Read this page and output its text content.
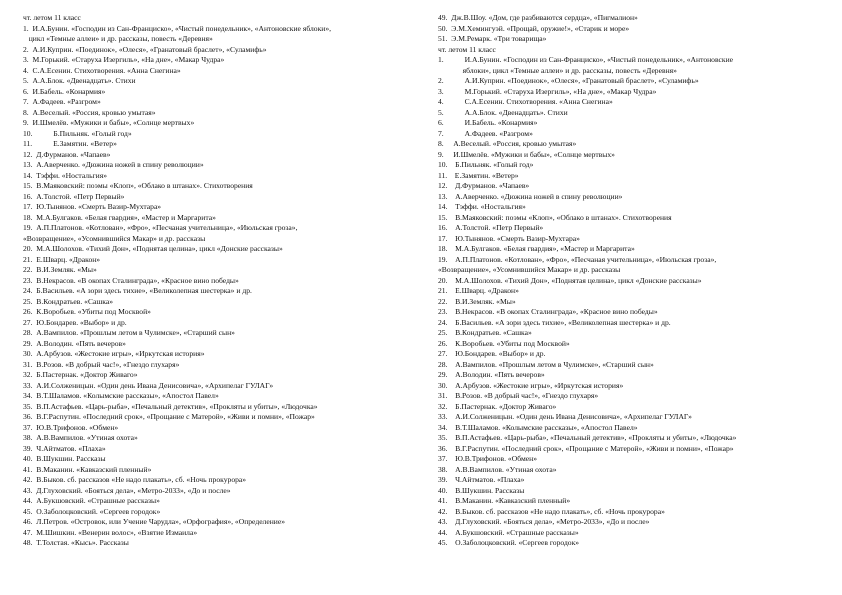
чт. летом 11 класс
1.  И.А.Бунин. «Господин из Сан-Франциско», «Чистый понедельник», «Антоновские яблоки»,
цикл «Темные аллеи» и др. рассказы, повесть «Деревня»
2.  А.И.Куприн. «Поединок», «Олеся», «Гранатовый браслет», «Суламифь»
3.  М.Горький. «Старуха Изергиль», «На дне», «Макар Чудра»
4.  С.А.Есенин. Стихотворения. «Анна Снегина»
5.  А.А.Блок. «Двенадцать». Стихи
6.  И.Бабель. «Конармия»
7.  А.Фадеев. «Разгром»
8.  А.Веселый. «Россия, кровью умытая»
9.  И.Шмелёв. «Мужики и бабы», «Солнце мертвых»
10.           Б.Пильняк. «Голый год»
11.           Е.Замятин. «Ветер»
12.  Д.Фурманов. «Чапаев»
13.  А.Аверченко. «Дюжина ножей в спину революции»
14.  Тэффи. «Ностальгия»
15.  В.Маяковский: поэмы «Клоп», «Облако в штанах». Стихотворения
16.  А.Толстой. «Петр Первый»
17.  Ю.Тынянов. «Смерть Вазир-Мухтара»
18.  М.А.Булгаков. «Белая гвардия», «Мастер и Маргарита»
19.  А.П.Платонов. «Котлован», «Фро», «Песчаная учительница», «Июльская гроза»,
«Возвращение», «Усомнившийся Макар» и др. рассказы
20.  М.А.Шолохов. «Тихий Дон», «Поднятая целина», цикл «Донские рассказы»
21.  Е.Шварц. «Дракон»
22.  В.И.Земляк. «Мы»
23.  В.Некрасов. «В окопах Сталинграда», «Красное вино победы»
24.  Б.Васильев. «А зори здесь тихие», «Великолепная шестерка» и др.
25.  В.Кондратьев. «Сашка»
26.  К.Воробьев. «Убиты под Москвой»
27.  Ю.Бондарев. «Выбор» и др.
28.  А.Вампилов. «Прошлым летом в Чулимске», «Старший сын»
29.  А.Володин. «Пять вечеров»
30.  А.Арбузов. «Жестокие игры», «Иркутская история»
31.  В.Розов. «В добрый час!», «Гнездо глухаря»
32.  Б.Пастернак. «Доктор Живаго»
33.  А.И.Солженицын. «Один день Ивана Денисовича», «Архипелаг ГУЛАГ»
34.  В.Т.Шаламов. «Колымские рассказы», «Апостол Павел»
35.  В.П.Астафьев. «Царь-рыба», «Печальный детектив», «Прокляты и убиты», «Людочка»
36.  В.Г.Распутин. «Последний срок», «Прощание с Матерой», «Живи и помни», «Пожар»
37.  Ю.В.Трифонов. «Обмен»
38.  А.В.Вампилов. «Утиная охота»
39.  Ч.Айтматов. «Плаха»
40.  В.Шукшин. Рассказы
41.  В.Маканин. «Кавказский пленный»
42.  В.Быков. сб. рассказов «Не надо плакать», сб. «Ночь прокурора»
43.  Д.Глуховский. «Бояться дела», «Метро-2033», «До и после»
44.  А.Букшовский. «Страшные рассказы»
45.  О.Заболоцковский. «Сергеев городок»
46.  Л.Петров. «Островок, или Учение Чарудла», «Орфография», «Определение»
47.  М.Шишкин. «Венерин волос», «Взятие Измаила»
48.  Т.Толстая. «Кысь». Рассказы
49.  Дж.В.Шоу. «Дом, где разбиваются сердца», «Пигмалион»
50.  Э.М.Хемингуэй. «Прощай, оружие!», «Старик и море»
51.  Э.М.Ремарк. «Три товарища»
чт. летом 11 класс
1.           И.А.Бунин. «Господин из Сан-Франциско», «Чистый понедельник», «Антоновские
яблоки», цикл «Темные аллеи» и др. рассказы, повесть «Деревня»
2.           А.И.Куприн. «Поединок», «Олеся», «Гранатовый браслет», «Суламифь»
3.           М.Горький. «Старуха Изергиль», «На дне», «Макар Чудра»
4.           С.А.Есенин. Стихотворения. «Анна Снегина»
5.           А.А.Блок. «Двенадцать». Стихи
6.           И.Бабель. «Конармия»
7.           А.Фадеев. «Разгром»
8.     А.Веселый. «Россия, кровью умытая»
9.     И.Шмелёв. «Мужики и бабы», «Солнце мертвых»
10.    Б.Пильняк. «Голый год»
11.    Е.Замятин. «Ветер»
12.    Д.Фурманов. «Чапаев»
13.    А.Аверченко. «Дюжина ножей в спину революции»
14.    Тэффи. «Ностальгия»
15.    В.Маяковский: поэмы «Клоп», «Облако в штанах». Стихотворения
16.    А.Толстой. «Петр Первый»
17.    Ю.Тынянов. «Смерть Вазир-Мухтара»
18.    М.А.Булгаков. «Белая гвардия», «Мастер и Маргарита»
19.    А.П.Платонов. «Котлован», «Фро», «Песчаная учительница», «Июльская гроза»,
«Возвращение», «Усомнившийся Макар» и др. рассказы
20.    М.А.Шолохов. «Тихий Дон», «Поднятая целина», цикл «Донские рассказы»
21.    Е.Шварц. «Дракон»
22.    В.И.Земляк. «Мы»
23.    В.Некрасов. «В окопах Сталинграда», «Красное вино победы»
24.    Б.Васильев. «А зори здесь тихие», «Великолепная шестерка» и др.
25.    В.Кондратьев. «Сашка»
26.    К.Воробьев. «Убиты под Москвой»
27.    Ю.Бондарев. «Выбор» и др.
28.    А.Вампилов. «Прошлым летом в Чулимске», «Старший сын»
29.    А.Володин. «Пять вечеров»
30.    А.Арбузов. «Жестокие игры», «Иркутская история»
31.    В.Розов. «В добрый час!», «Гнездо глухаря»
32.    Б.Пастернак. «Доктор Живаго»
33.    А.И.Солженицын. «Один день Ивана Денисовича», «Архипелаг ГУЛАГ»
34.    В.Т.Шаламов. «Колымские рассказы», «Апостол Павел»
35.    В.П.Астафьев. «Царь-рыба», «Печальный детектив», «Прокляты и убиты», «Людочка»
36.    В.Г.Распутин. «Последний срок», «Прощание с Матерой», «Живи и помни», «Пожар»
37.    Ю.В.Трифонов. «Обмен»
38.    А.В.Вампилов. «Утиная охота»
39.    Ч.Айтматов. «Плаха»
40.    В.Шукшин. Рассказы
41.    В.Маканин. «Кавказский пленный»
42.    В.Быков. сб. рассказов «Не надо плакать», сб. «Ночь прокурора»
43.    Д.Глуховский. «Бояться дела», «Метро-2033», «До и после»
44.    А.Букшовский. «Страшные рассказы»
45.    О.Заболоцковский. «Сергеев городок»
